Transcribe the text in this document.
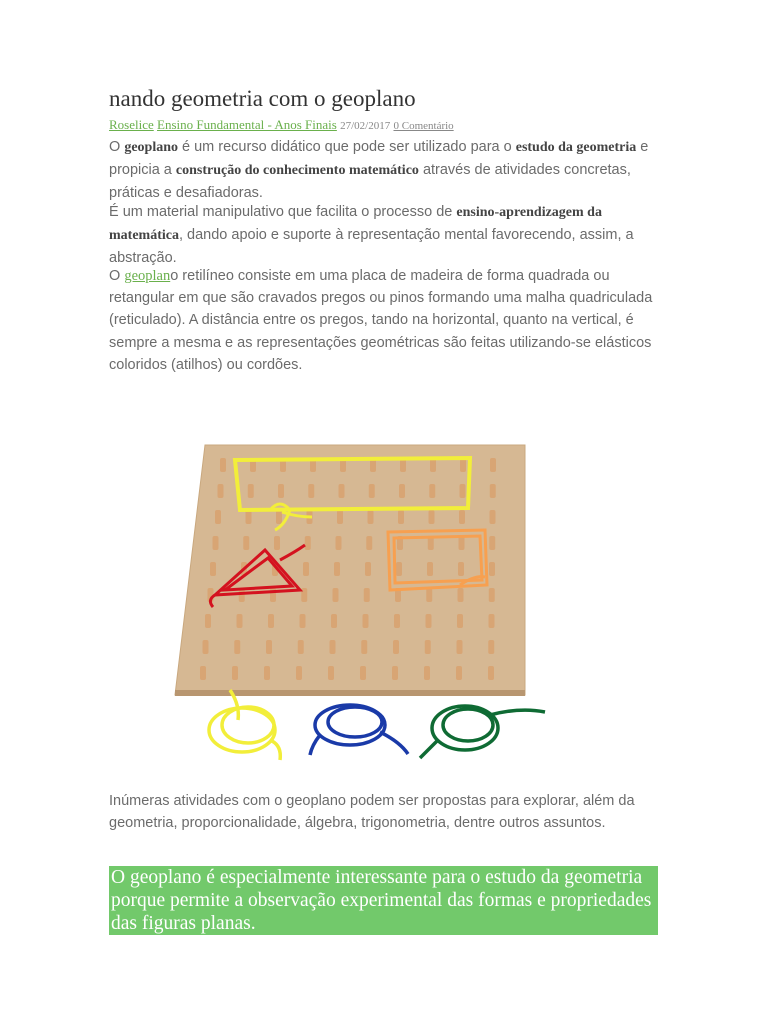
nando geometria com o geoplano
Roselice Ensino Fundamental - Anos Finais 27/02/2017 0 Comentário

O geoplano é um recurso didático que pode ser utilizado para o estudo da geometria e propicia a construção do conhecimento matemático através de atividades concretas, práticas e desafiadoras.

É um material manipulativo que facilita o processo de ensino-aprendizagem da matemática, dando apoio e suporte à representação mental favorecendo, assim, a abstração.

O geoplano retilíneo consiste em uma placa de madeira de forma quadrada ou retangular em que são cravados pregos ou pinos formando uma malha quadriculada (reticulado). A distância entre os pregos, tando na horizontal, quanto na vertical, é sempre a mesma e as representações geométricas são feitas utilizando-se elásticos coloridos (atilhos) ou cordões.

Inúmeras atividades com o geoplano podem ser propostas para explorar, além da geometria, proporcionalidade, álgebra, trigonometria, dentre outros assuntos.

O geoplano é especialmente interessante para o estudo da geometria porque permite a observação experimental das formas e propriedades das figuras planas.
